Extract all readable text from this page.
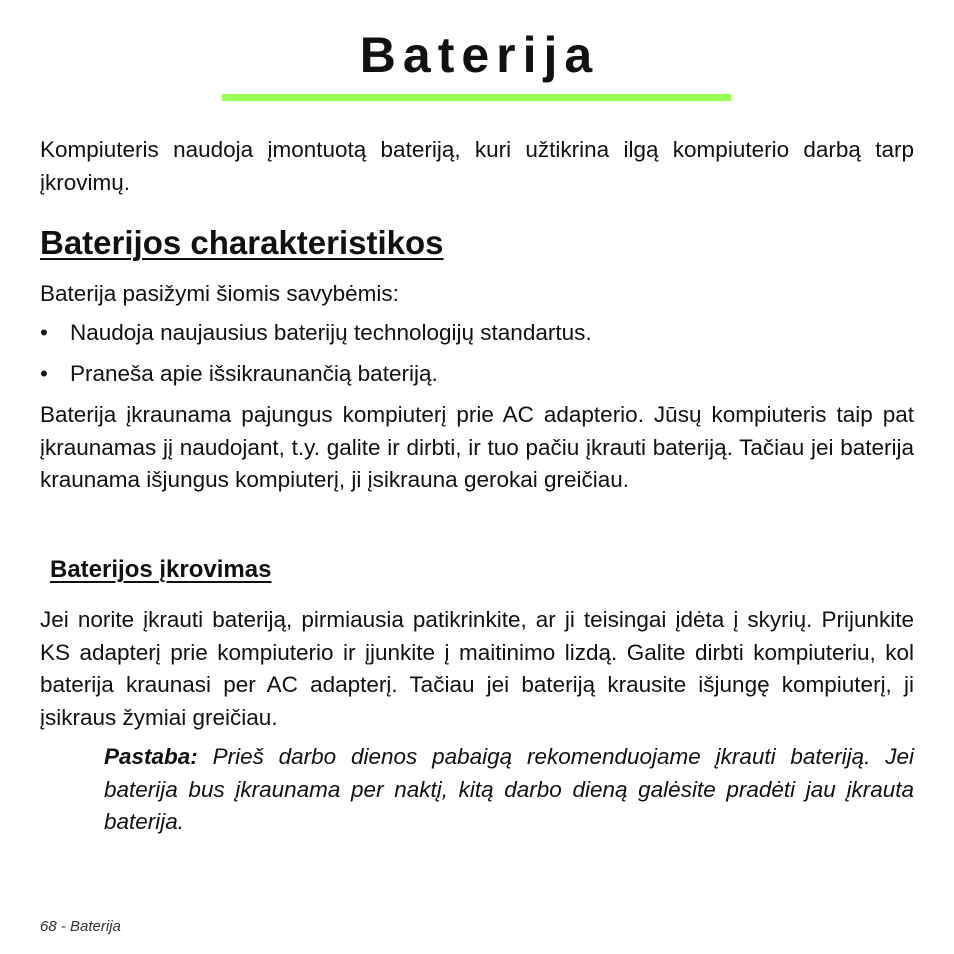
Baterija

Kompiuteris naudoja įmontuotą bateriją, kuri užtikrina ilgą kompiuterio darbą tarp įkrovimų.

Baterijos charakteristikos

Baterija pasižymi šiomis savybėmis:

• Naudoja naujausius baterijų technologijų standartus.
• Praneša apie išsikraunančią bateriją.

Baterija įkraunama pajungus kompiuterį prie AC adapterio. Jūsų kompiuteris taip pat įkraunamas jį naudojant, t.y. galite ir dirbti, ir tuo pačiu įkrauti bateriją. Tačiau jei baterija kraunama išjungus kompiuterį, ji įsikrauna gerokai greičiau.

Baterijos įkrovimas

Jei norite įkrauti bateriją, pirmiausia patikrinkite, ar ji teisingai įdėta į skyrių. Prijunkite KS adapterį prie kompiuterio ir įjunkite į maitinimo lizdą. Galite dirbti kompiuteriu, kol baterija kraunasi per AC adapterį. Tačiau jei bateriją krausite išjungę kompiuterį, ji įsikraus žymiai greičiau.

Pastaba: Prieš darbo dienos pabaigą rekomenduojame įkrauti bateriją. Jei baterija bus įkraunama per naktį, kitą darbo dieną galėsite pradėti jau įkrauta baterija.

68 - Baterija
